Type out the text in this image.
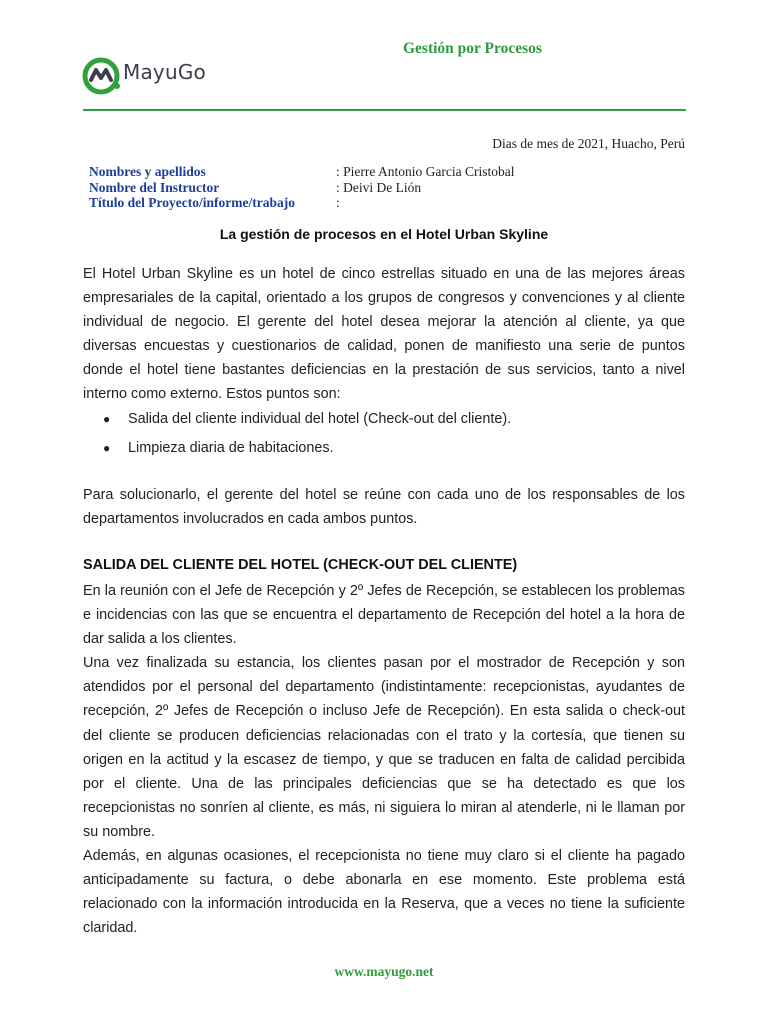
MayuGo
Gestión por Procesos
Dias de mes de 2021, Huacho, Perú
Nombres y apellidos	: Pierre Antonio Garcia Cristobal
Nombre del Instructor	: Deivi De Lión
Título del Proyecto/informe/trabajo	:
La gestión de procesos en el Hotel Urban Skyline

El Hotel Urban Skyline es un hotel de cinco estrellas situado en una de las mejores áreas empresariales de la capital, orientado a los grupos de congresos y convenciones y al cliente individual de negocio. El gerente del hotel desea mejorar la atención al cliente, ya que diversas encuestas y cuestionarios de calidad, ponen de manifiesto una serie de puntos donde el hotel tiene bastantes deficiencias en la prestación de sus servicios, tanto a nivel interno como externo. Estos puntos son:

●	Salida del cliente individual del hotel (Check-out del cliente).
●	Limpieza diaria de habitaciones.

Para solucionarlo, el gerente del hotel se reúne con cada uno de los responsables de los departamentos involucrados en cada ambos puntos.

SALIDA DEL CLIENTE DEL HOTEL (CHECK-OUT DEL CLIENTE)

En la reunión con el Jefe de Recepción y 2º Jefes de Recepción, se establecen los problemas e incidencias con las que se encuentra el departamento de Recepción del hotel a la hora de dar salida a los clientes.

Una vez finalizada su estancia, los clientes pasan por el mostrador de Recepción y son atendidos por el personal del departamento (indistintamente: recepcionistas, ayudantes de recepción, 2º Jefes de Recepción o incluso Jefe de Recepción). En esta salida o check-out del cliente se producen deficiencias relacionadas con el trato y la cortesía, que tienen su origen en la actitud y la escasez de tiempo, y que se traducen en falta de calidad percibida por el cliente. Una de las principales deficiencias que se ha detectado es que los recepcionistas no sonríen al cliente, es más, ni siguiera lo miran al atenderle, ni le llaman por su nombre.

Además, en algunas ocasiones, el recepcionista no tiene muy claro si el cliente ha pagado anticipadamente su factura, o debe abonarla en ese momento. Este problema está relacionado con la información introducida en la Reserva, que a veces no tiene la suficiente claridad.

www.mayugo.net
